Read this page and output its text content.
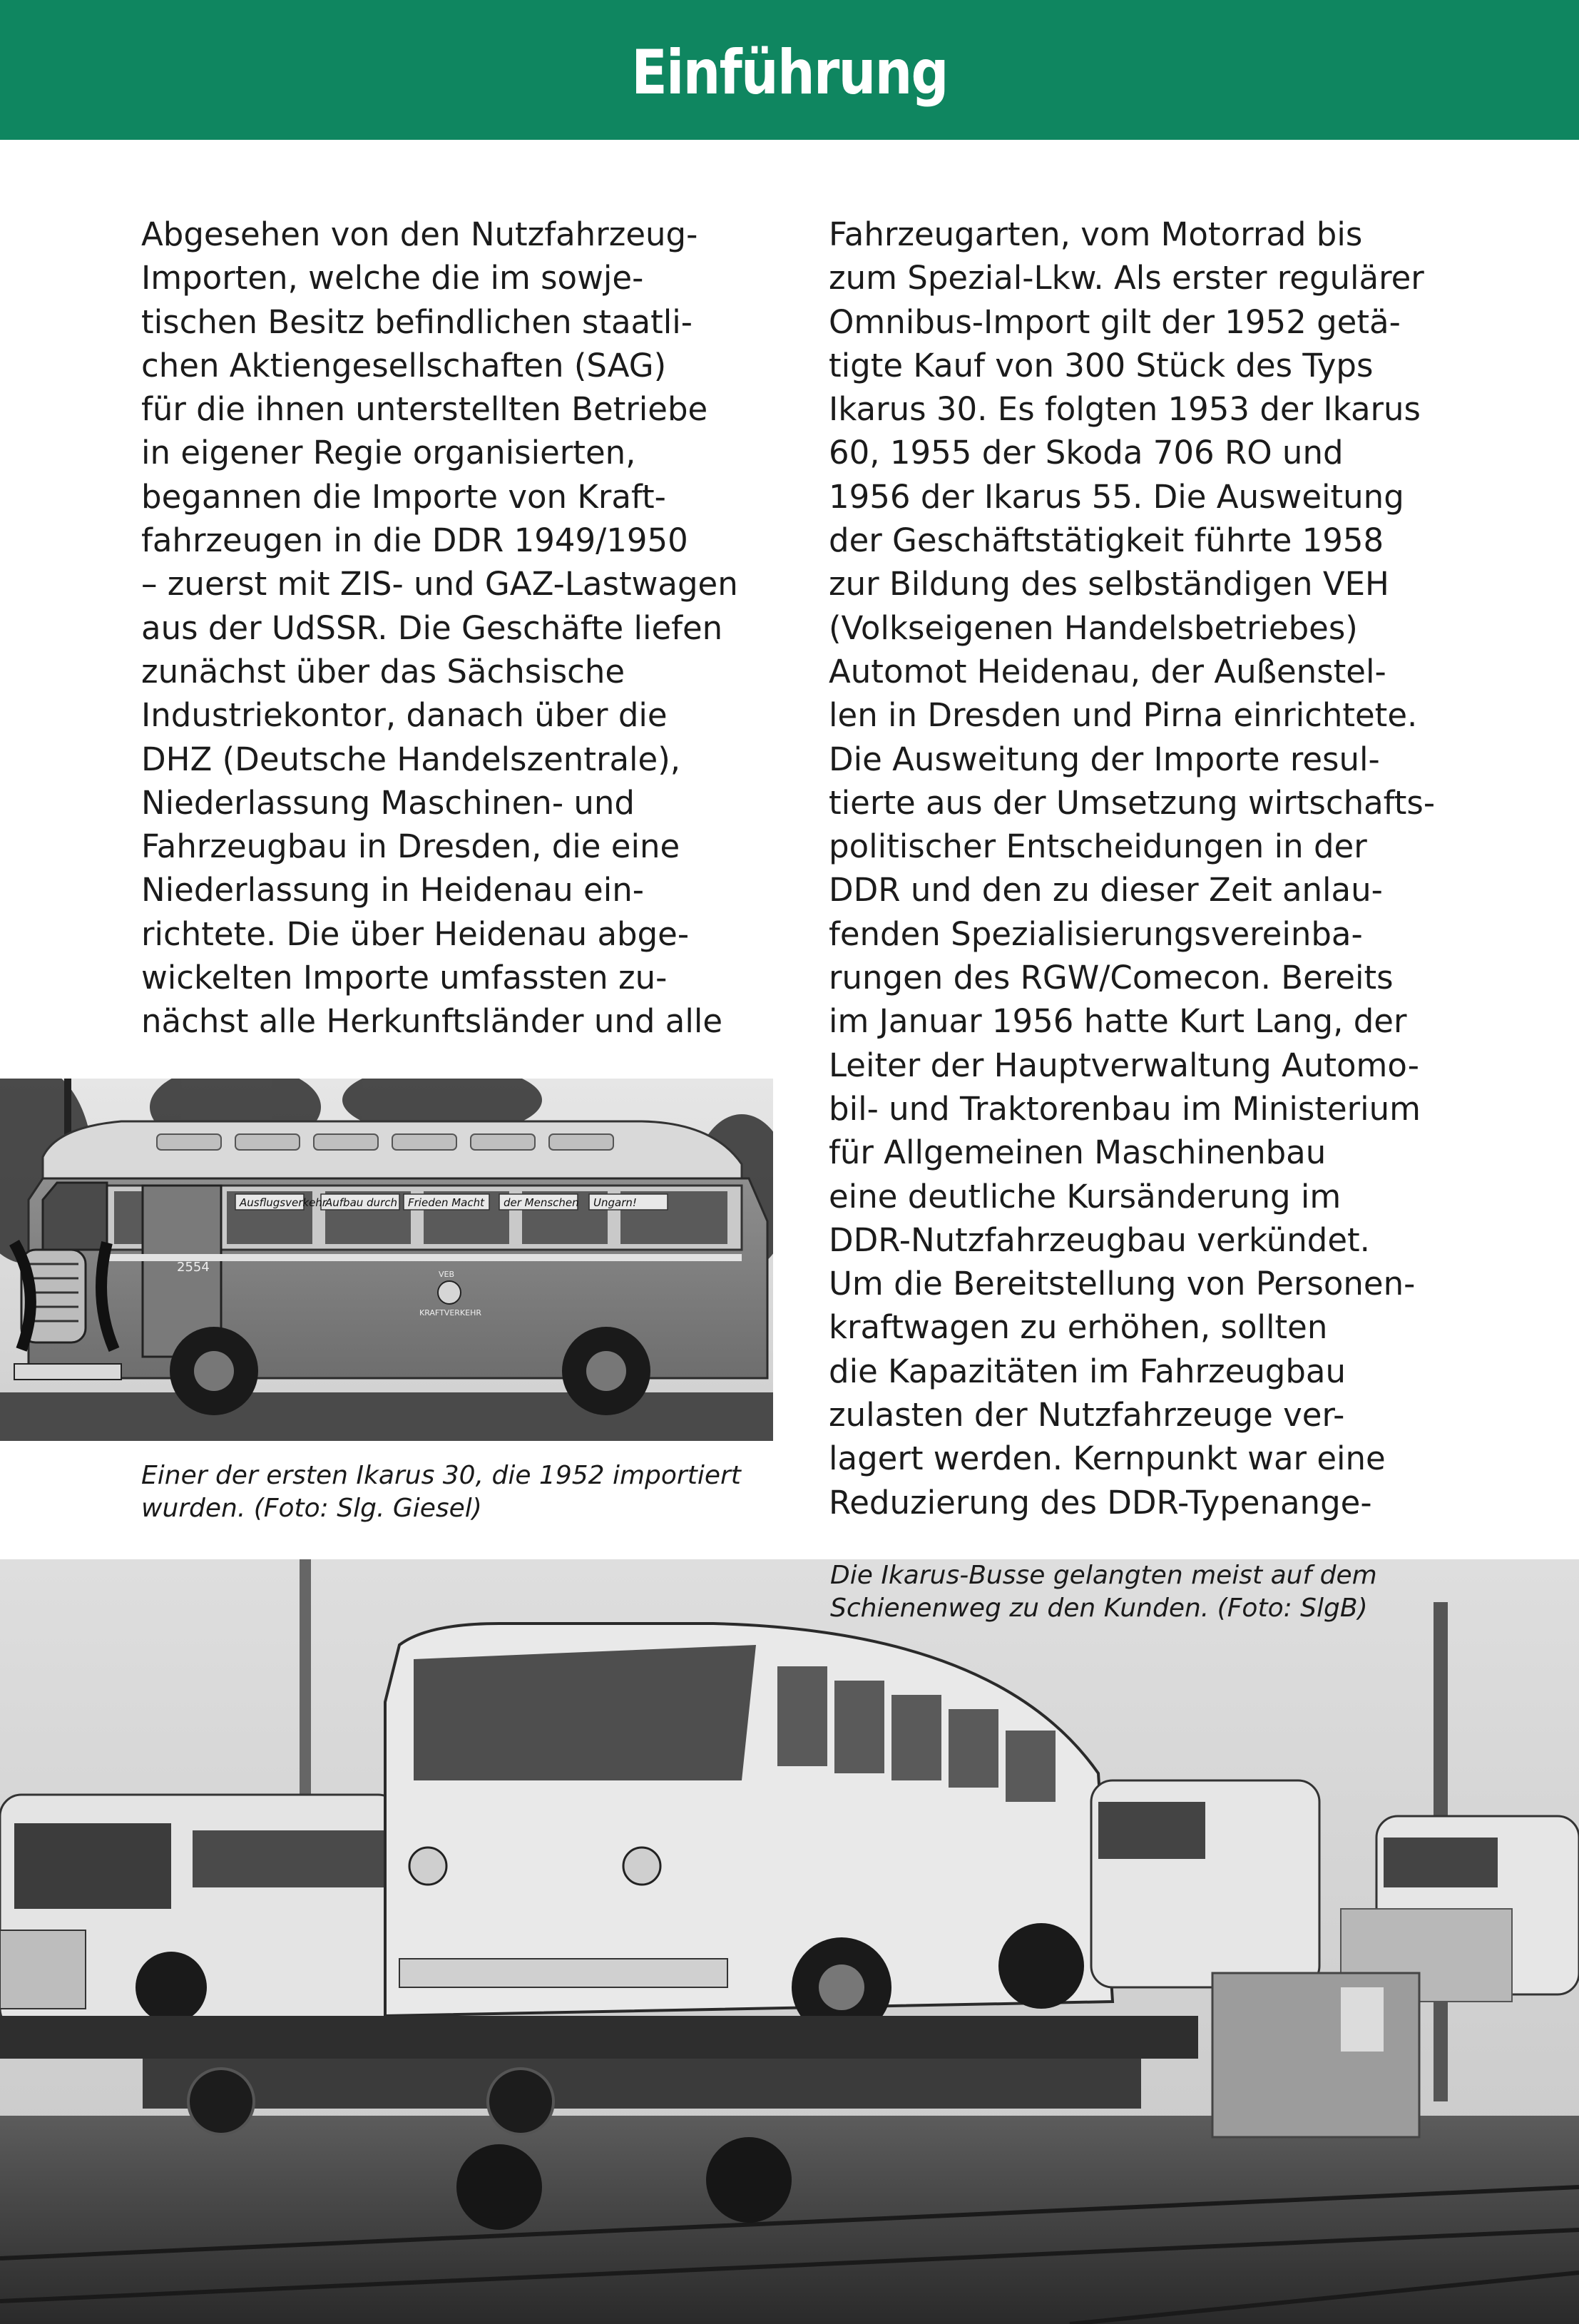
Einführung
Abgesehen von den Nutzfahrzeug-
Importen, welche die im sowje-
tischen Besitz befindlichen staatli-
chen Aktiengesellschaften (SAG)
für die ihnen unterstellten Betriebe
in eigener Regie organisierten,
begannen die Importe von Kraft-
fahrzeugen in die DDR 1949/1950
– zuerst mit ZIS- und GAZ-Lastwagen
aus der UdSSR. Die Geschäfte liefen
zunächst über das Sächsische
Industriekontor, danach über die
DHZ (Deutsche Handelszentrale),
Niederlassung Maschinen- und
Fahrzeugbau in Dresden, die eine
Niederlassung in Heidenau ein-
richtete. Die über Heidenau abge-
wickelten Importe umfassten zu-
nächst alle Herkunftsländer und alle
Fahrzeugarten, vom Motorrad bis
zum Spezial-Lkw. Als erster regulärer
Omnibus-Import gilt der 1952 getä-
tigte Kauf von 300 Stück des Typs
Ikarus 30. Es folgten 1953 der Ikarus
60, 1955 der Skoda 706 RO und
1956 der Ikarus 55. Die Ausweitung
der Geschäftstätigkeit führte 1958
zur Bildung des selbständigen VEH
(Volkseigenen Handelsbetriebes)
Automot Heidenau, der Außenstel-
len in Dresden und Pirna einrichtete.
Die Ausweitung der Importe resul-
tierte aus der Umsetzung wirtschafts-
politischer Entscheidungen in der
DDR und den zu dieser Zeit anlau-
fenden Spezialisierungsvereinba-
rungen des RGW/Comecon. Bereits
im Januar 1956 hatte Kurt Lang, der
Leiter der Hauptverwaltung Automo-
bil- und Traktorenbau im Ministerium
für Allgemeinen Maschinenbau
eine deutliche Kursänderung im
DDR-Nutzfahrzeugbau verkündet.
Um die Bereitstellung von Personen-
kraftwagen zu erhöhen, sollten
die Kapazitäten im Fahrzeugbau
zulasten der Nutzfahrzeuge ver-
lagert werden. Kernpunkt war eine
Reduzierung des DDR-Typenange-
Ausflugsverkehr
Aufbau durch Frieden Macht der Menschen Ungarn!
2554	VEB
KRAFTVERKEHR
Einer der ersten Ikarus 30, die 1952 importiert
wurden. (Foto: Slg. Giesel)
Die Ikarus-Busse gelangten meist auf dem
Schienenweg zu den Kunden. (Foto: SlgB)
